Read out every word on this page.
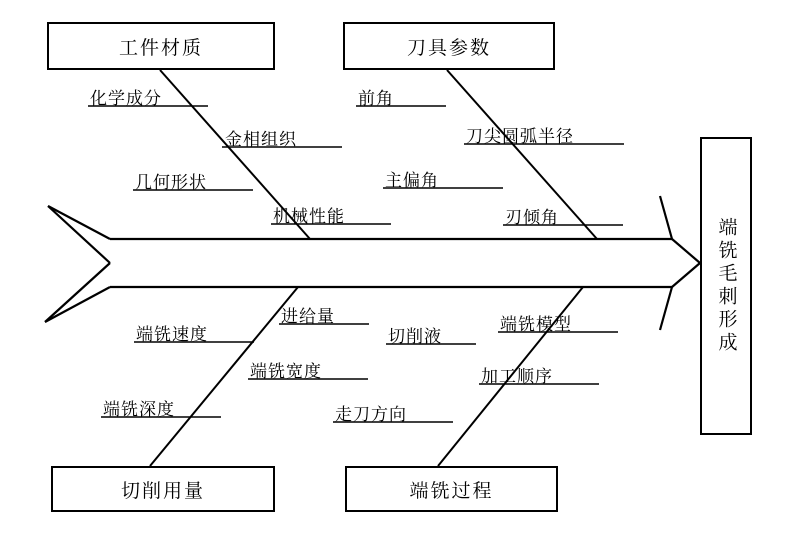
工件材质	刀具参数
切削用量	端铣过程
端铣毛刺形成
化学成分
金相组织
几何形状
机械性能
前角
刀尖圆弧半径
主偏角
刃倾角
端铣速度
进给量
端铣宽度
端铣深度
切削液
端铣模型
加工顺序
走刀方向
